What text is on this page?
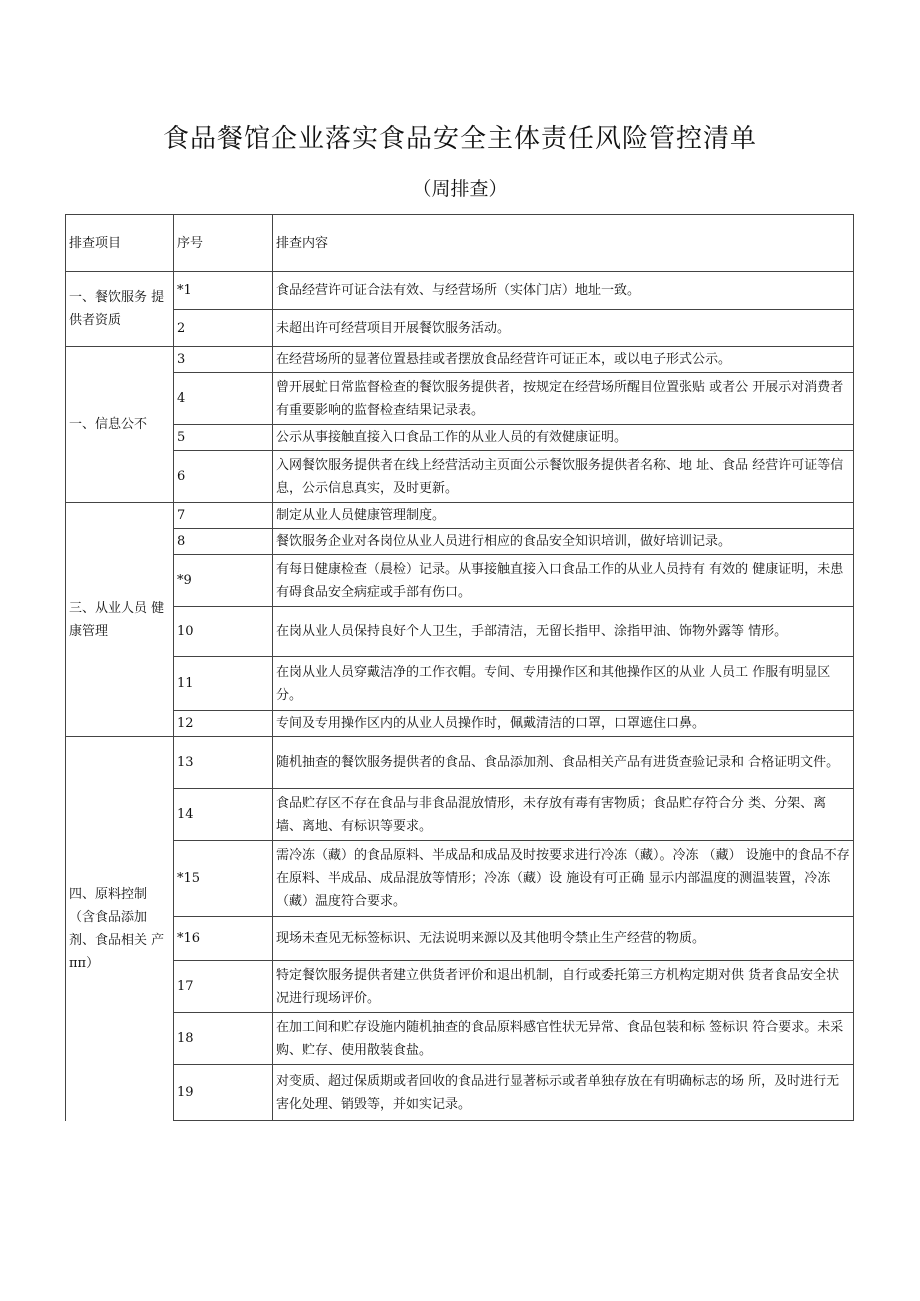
食品餐馆企业落实食品安全主体责任风险管控清单
（周排查）
排查项目	序号	排查内容
一、餐饮服务 提供者资质	*1	食品经营许可证合法有效、与经营场所（实体门店）地址一致。
	2	未超出许可经营项目开展餐饮服务活动。
一、信息公不	3	在经营场所的显著位置悬挂或者摆放食品经营许可证正本，或以电子形式公示。
	4	曾开展虻日常监督检查的餐饮服务提供者，按规定在经营场所醒目位置张贴 或者公 开展示对消费者有重要影响的监督检查结果记录表。
	5	公示从事接触直接入口食品工作的从业人员的有效健康证明。
	6	入网餐饮服务提供者在线上经营活动主页面公示餐饮服务提供者名称、地 址、食品 经营许可证等信息，公示信息真实，及时更新。
三、从业人员 健康管理	7	制定从业人员健康管理制度。
	8	餐饮服务企业对各岗位从业人员进行相应的食品安全知识培训，做好培训记录。
	*9	有每日健康检查（晨检）记录。从事接触直接入口食品工作的从业人员持有 有效的 健康证明，未患有碍食品安全病症或手部有伤口。
	10	在岗从业人员保持良好个人卫生，手部清洁，无留长指甲、涂指甲油、饰物外露等 情形。
	11	在岗从业人员穿戴洁净的工作衣帽。专间、专用操作区和其他操作区的从业 人员工 作服有明显区分。
	12	专间及专用操作区内的从业人员操作时，佩戴清洁的口罩，口罩遮住口鼻。
四、原料控制（含食品添加剂、食品相关 产ππ）	13	随机抽查的餐饮服务提供者的食品、食品添加剂、食品相关产品有进货查验记录和 合格证明文件。
	14	食品贮存区不存在食品与非食品混放情形，未存放有毒有害物质；食品贮存符合分 类、分架、离墙、离地、有标识等要求。
	*15	需冷冻（藏）的食品原料、半成品和成品及时按要求进行冷冻（藏）。冷冻 （藏） 设施中的食品不存在原料、半成品、成品混放等情形；冷冻（藏）设 施设有可正确 显示内部温度的测温装置，冷冻（藏）温度符合要求。
	*16	现场未查见无标签标识、无法说明来源以及其他明令禁止生产经营的物质。
	17	特定餐饮服务提供者建立供货者评价和退出机制，自行或委托第三方机构定期对供 货者食品安全状况进行现场评价。
	18	在加工间和贮存设施内随机抽查的食品原料感官性状无异常、食品包装和标 签标识 符合要求。未采购、贮存、使用散装食盐。
	19	对变质、超过保质期或者回收的食品进行显著标示或者单独存放在有明确标志的场 所，及时进行无害化处理、销毁等，并如实记录。
